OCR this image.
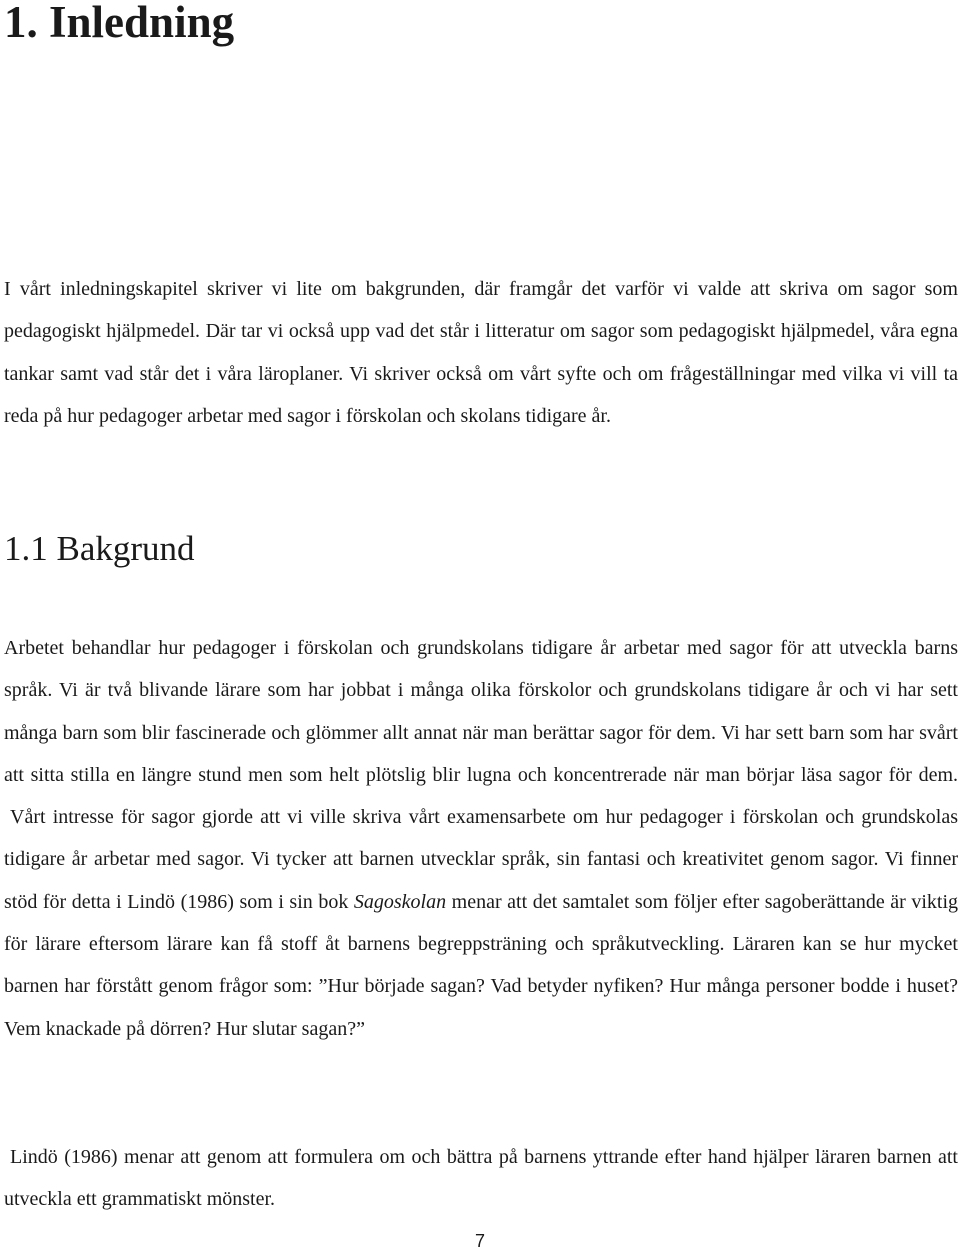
1. Inledning

I vårt inledningskapitel skriver vi lite om bakgrunden, där framgår det varför vi valde att skriva om sagor som pedagogiskt hjälpmedel. Där tar vi också upp vad det står i litteratur om sagor som pedagogiskt hjälpmedel, våra egna tankar samt vad står det i våra läroplaner. Vi skriver också om vårt syfte och om frågeställningar med vilka vi vill ta reda på hur pedagoger arbetar med sagor i förskolan och skolans tidigare år.

1.1 Bakgrund

Arbetet behandlar hur pedagoger i förskolan och grundskolans tidigare år arbetar med sagor för att utveckla barns språk. Vi är två blivande lärare som har jobbat i många olika förskolor och grundskolans tidigare år och vi har sett många barn som blir fascinerade och glömmer allt annat när man berättar sagor för dem. Vi har sett barn som har svårt att sitta stilla en längre stund men som helt plötslig blir lugna och koncentrerade när man börjar läsa sagor för dem. Vårt intresse för sagor gjorde att vi ville skriva vårt examensarbete om hur pedagoger i förskolan och grundskolas tidigare år arbetar med sagor. Vi tycker att barnen utvecklar språk, sin fantasi och kreativitet genom sagor. Vi finner stöd för detta i Lindö (1986) som i sin bok Sagoskolan menar att det samtalet som följer efter sagoberättande är viktig för lärare eftersom lärare kan få stoff åt barnens begreppsträning och språkutveckling. Läraren kan se hur mycket barnen har förstått genom frågor som: ”Hur började sagan? Vad betyder nyfiken? Hur många personer bodde i huset? Vem knackade på dörren? Hur slutar sagan?”

Lindö (1986) menar att genom att formulera om och bättra på barnens yttrande efter hand hjälper läraren barnen att utveckla ett grammatiskt mönster.

7
